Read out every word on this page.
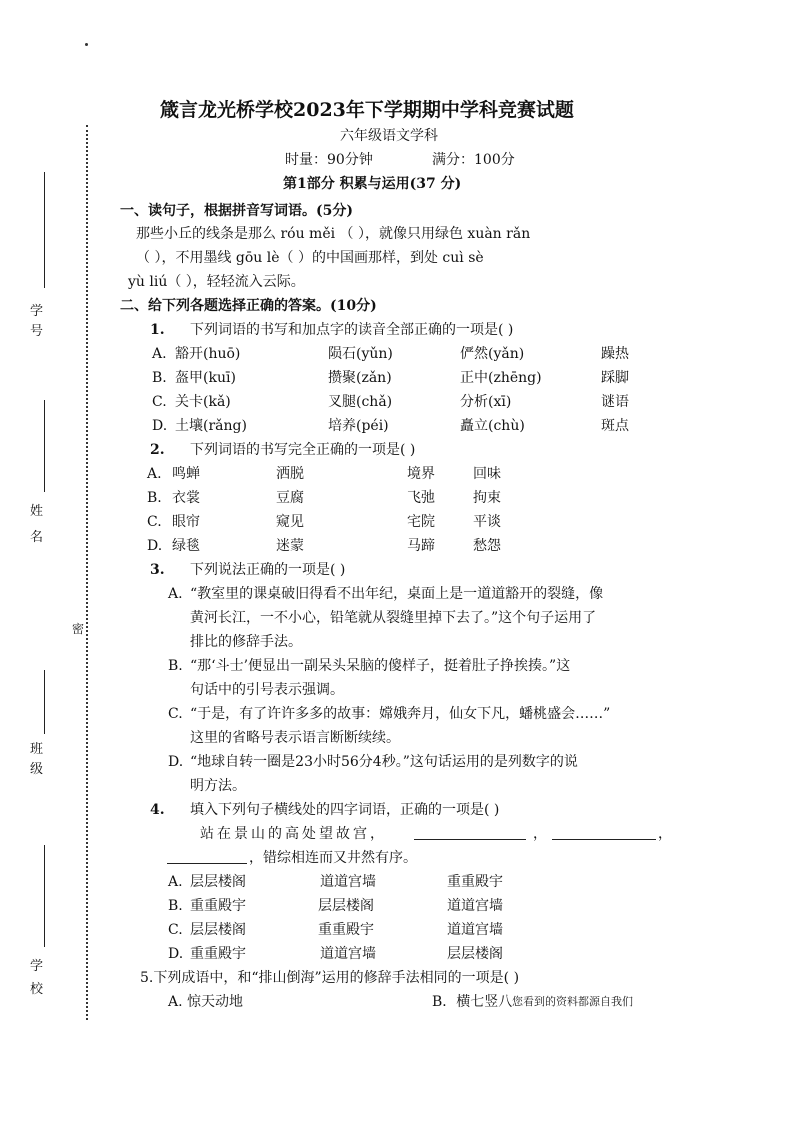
学
号
姓
名
密
班
级
学
校
箴言龙光桥学校2023年下学期期中学科竞赛试题
六年级语文学科
时量：90分钟	满分：100分
第1部分 积累与运用(37 分)
一、读句子，根据拼音写词语。(5分)
那些小丘的线条是那么 róu měi （ ），就像只用绿色 xuàn rǎn
（ ），不用墨线 gōu lè（ ）的中国画那样，到处 cuì sè
yù liú（ ），轻轻流入云际。
二、给下列各题选择正确的答案。(10分)
1. 下列词语的书写和加点字的读音全部正确的一项是( )
A. 豁开(huō)	陨石(yǔn)	俨然(yǎn)	躁热
B. 盔甲(kuī)	攒聚(zǎn)	正中(zhēng)	踩脚
C. 关卡(kǎ)	叉腿(chǎ)	分析(xī)	谜语
D. 土壤(rǎng)	培养(péi)	矗立(chù)	斑点
2. 下列词语的书写完全正确的一项是( )
A. 鸣蝉	洒脱	境界	回味
B. 衣裳	豆腐	飞弛	拘束
C. 眼帘	窥见	宅院	平谈
D. 绿毯	迷蒙	马蹄	愁怨
3. 下列说法正确的一项是( )
A. “教室里的课桌破旧得看不出年纪，桌面上是一道道豁开的裂缝，像
黄河长江，一不小心，铅笔就从裂缝里掉下去了。”这个句子运用了
排比的修辞手法。
B. “那‘斗士’便显出一副呆头呆脑的傻样子，挺着肚子挣挨揍。”这
句话中的引号表示强调。
C. “于是，有了许许多多的故事：嫦娥奔月，仙女下凡，蟠桃盛会……”
这里的省略号表示语言断断续续。
D. “地球自转一圈是23小时56分4秒。”这句话运用的是列数字的说
明方法。
4. 填入下列句子横线处的四字词语，正确的一项是( )
站在景山的高处望故宫，	，	，
，错综相连而又井然有序。
A. 层层楼阁	道道宫墙	重重殿宇
B. 重重殿宇	层层楼阁	道道宫墙
C. 层层楼阁	重重殿宇	道道宫墙
D. 重重殿宇	道道宫墙	层层楼阁
5.下列成语中，和“排山倒海”运用的修辞手法相同的一项是( )
A. 惊天动地	B．横七竖八 您看到的资料都源自我们
